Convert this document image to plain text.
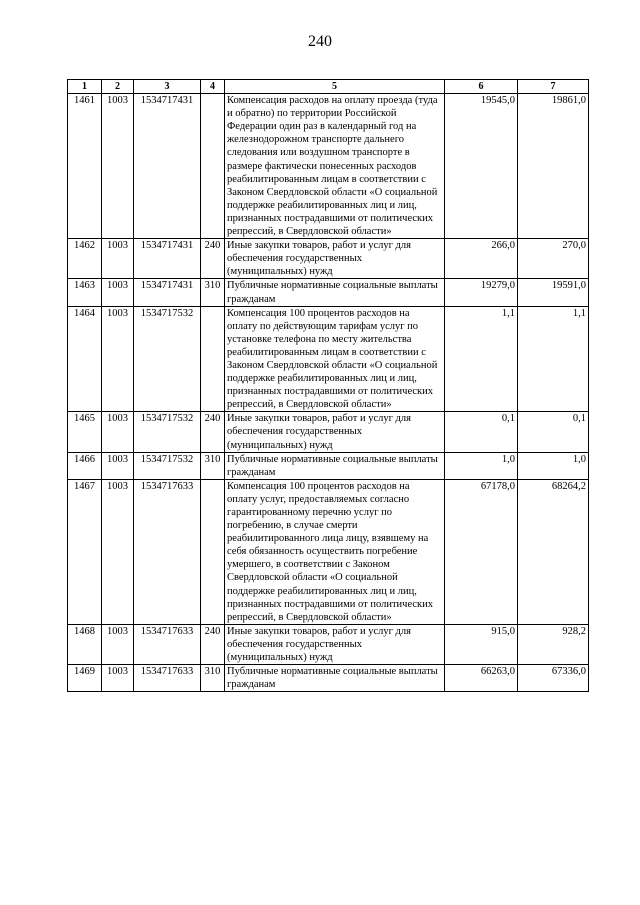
240
1	2	3	4	5	6	7
1461	1003	1534717431		Компенсация расходов на оплату проезда (туда и обратно) по территории Российской Федерации один раз в календарный год на железнодорожном транспорте дальнего следования или воздушном транспорте в размере фактически понесенных расходов реабилитированным лицам в соответствии с Законом Свердловской области «О социальной поддержке реабилитированных лиц и лиц, признанных пострадавшими от политических репрессий, в Свердловской области»	19545,0	19861,0
1462	1003	1534717431	240	Иные закупки товаров, работ и услуг для обеспечения государственных (муниципальных) нужд	266,0	270,0
1463	1003	1534717431	310	Публичные нормативные социальные выплаты гражданам	19279,0	19591,0
1464	1003	1534717532		Компенсация 100 процентов расходов на оплату по действующим тарифам услуг по установке телефона по месту жительства реабилитированным лицам в соответствии с Законом Свердловской области «О социальной поддержке реабилитированных лиц и лиц, признанных пострадавшими от политических репрессий, в Свердловской области»	1,1	1,1
1465	1003	1534717532	240	Иные закупки товаров, работ и услуг для обеспечения государственных (муниципальных) нужд	0,1	0,1
1466	1003	1534717532	310	Публичные нормативные социальные выплаты гражданам	1,0	1,0
1467	1003	1534717633		Компенсация 100 процентов расходов на оплату услуг, предоставляемых согласно гарантированному перечню услуг по погребению, в случае смерти реабилитированного лица лицу, взявшему на себя обязанность осуществить погребение умершего, в соответствии с Законом Свердловской области «О социальной поддержке реабилитированных лиц и лиц, признанных пострадавшими от политических репрессий, в Свердловской области»	67178,0	68264,2
1468	1003	1534717633	240	Иные закупки товаров, работ и услуг для обеспечения государственных (муниципальных) нужд	915,0	928,2
1469	1003	1534717633	310	Публичные нормативные социальные выплаты гражданам	66263,0	67336,0
